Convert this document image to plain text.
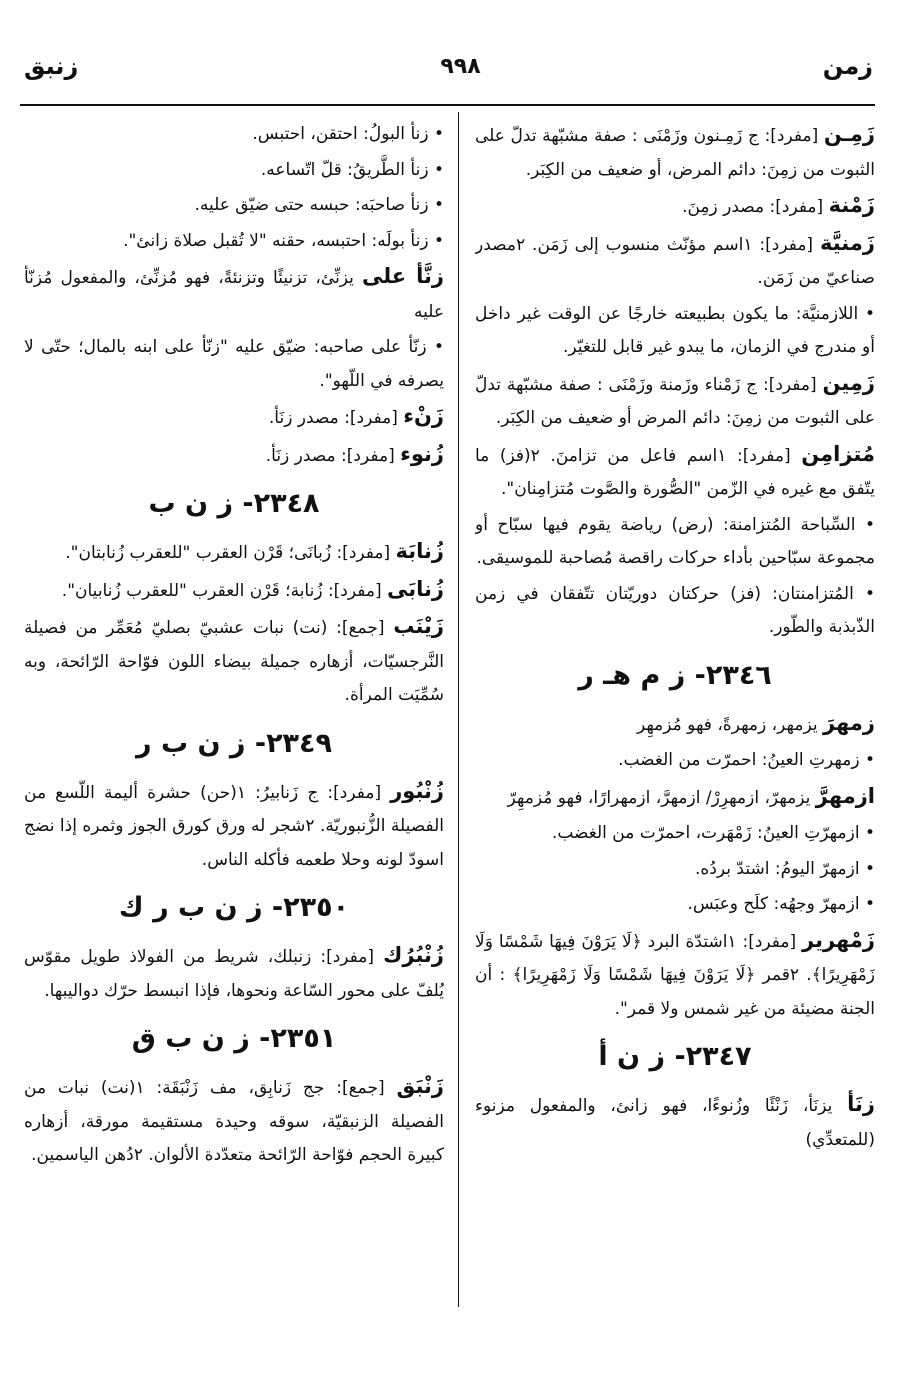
زمن
٩٩٨
زنبق
زَمِـن [مفرد]: ج زَمِـنون وزَمْنَى : صفة مشبّهة تدلّ على الثبوت من زمِنَ: دائم المرض، أو ضعيف من الكِبَر.
زَمْنة [مفرد]: مصدر زمِنَ.
زَمنيَّة [مفرد]: ١اسم مؤنّث منسوب إلى زَمَن. ٢مصدر صناعيّ من زَمَن.
• اللازمنيَّة: ما يكون بطبيعته خارجًا عن الوقت غير داخل أو مندرج في الزمان، ما يبدو غير قابل للتغيّر.
زَمِين [مفرد]: ج زَمْناء وزَمنة وزَمْنَى : صفة مشبّهة تدلّ على الثبوت من زمِنَ: دائم المرض أو ضعيف من الكِبَر.
مُتزامِن [مفرد]: ١اسم فاعل من تزامنَ. ٢(فز) ما يتّفق مع غيره في الزّمن "الصُّورة والصَّوت مُتزامِنان".
• السِّباحة المُتزامنة: (رض) رياضة يقوم فيها سبّاح أو مجموعة سبّاحين بأداء حركات راقصة مُصاحبة للموسيقى.
• المُتزامنتان: (فز) حركتان دوريّتان تتّفقان في زمن الذّبذبة والطّور.
٢٣٤٦- ز م هـ ر
زمهرَ يزمهر، زمهرةً، فهو مُزمهِر
• زمهرتِ العينُ: احمرّت من الغضب.
ازمهرَّ يزمهرّ، ازمهرِرْ/ ازمهرَّ، ازمهرارًا، فهو مُزمهِرّ
• ازمهرّتِ العينُ: زَمْهَرت، احمرّت من الغضب.
• ازمهرّ اليومُ: اشتدّ بردُه.
• ازمهرّ وجهُه: كلَح وعبَس.
زَمْهرير [مفرد]: ١اشتدّة البرد ﴿لَا يَرَوْنَ فِيهَا شَمْسًا وَلَا زَمْهَرِيرًا﴾. ٢قمر ﴿لَا يَرَوْنَ فِيهَا شَمْسًا وَلَا زَمْهَرِيرًا﴾ : أن الجنة مضيئة من غير شمس ولا قمر".
٢٣٤٧- ز ن أ
زنَأ يزنَأ، زَنْئًا وزُنوءًا، فهو زانئ، والمفعول مزنوء (للمتعدِّي)
• زنأ البولُ: احتقن، احتبس.
• زنأ الطَّريقُ: قلّ اتّساعه.
• زنأ صاحبَه: حبسه حتى ضيّق عليه.
• زنأ بولَه: احتبسه، حقنه "لا تُقبل صلاة زانئ".
زنَّأ على يزنِّئ، تزنيئًا وتزنئةً، فهو مُزنِّئ، والمفعول مُزنّأ عليه
• زنّأ على صاحبه: ضيّق عليه "زنّأ على ابنه بالمال؛ حتّى لا يصرفه في اللّهو".
زَنْء [مفرد]: مصدر زنَأ.
زُنوء [مفرد]: مصدر زنَأ.
٢٣٤٨- ز ن ب
زُنابَة [مفرد]: زُبانَى؛ قَرْن العقرب "للعقرب زُنابتان".
زُنابَى [مفرد]: زُنابة؛ قَرْن العقرب "للعقرب زُنابيان".
زَيْنَب [جمع]: (نت) نبات عشبيّ بصليّ مُعَمِّر من فصيلة النَّرجسيّات، أزهاره جميلة بيضاء اللون فوّاحة الرّائحة، وبه سُمِّيَت المرأة.
٢٣٤٩- ز ن ب ر
زُنْبُور [مفرد]: ج زَنابيرُ: ١(حن) حشرة أليمة اللّسع من الفصيلة الزُّنبوريّة. ٢شجر له ورق كورق الجوز وثمره إذا نضج اسودّ لونه وحلا طعمه فأكله الناس.
٢٣٥٠- ز ن ب ر ك
زُنْبُرُك [مفرد]: زنبلك، شريط من الفولاذ طويل مقوّس يُلفّ على محور السّاعة ونحوها، فإذا انبسط حرّك دواليبها.
٢٣٥١- ز ن ب ق
زَنْبَق [جمع]: جج زَنابِق، مف زَنْبَقَة: ١(نت) نبات من الفصيلة الزنبقيّة، سوقه وحيدة مستقيمة مورقة، أزهاره كبيرة الحجم فوّاحة الرّائحة متعدّدة الألوان. ٢دُهن الياسمين.
